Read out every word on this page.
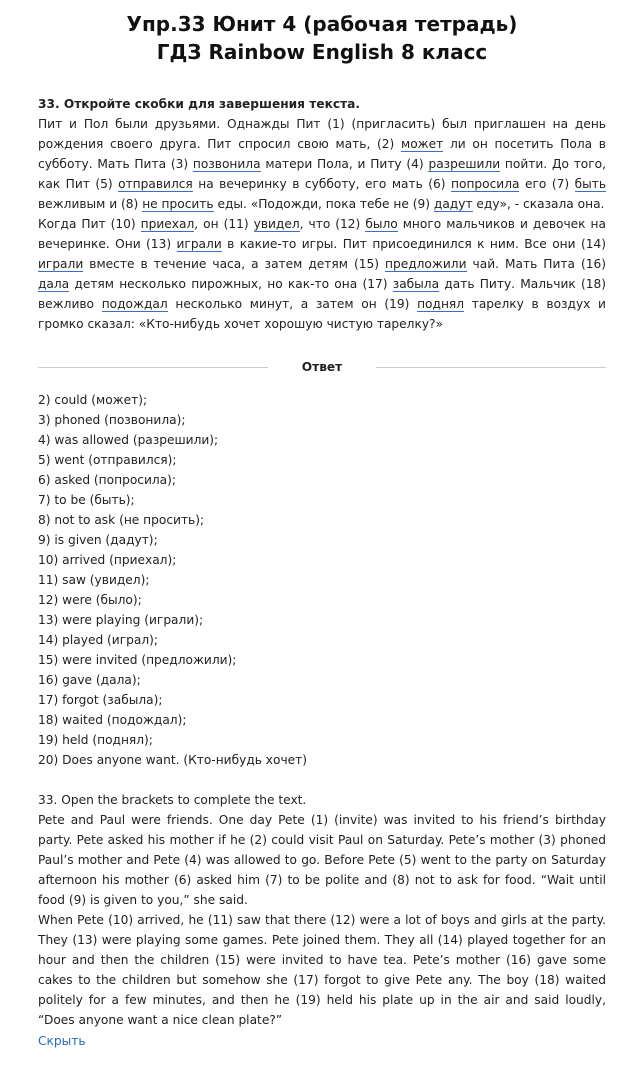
Упр.33 Юнит 4 (рабочая тетрадь)
ГДЗ Rainbow English 8 класс
33. Откройте скобки для завершения текста.

Пит и Пол были друзьями. Однажды Пит (1) (пригласить) был приглашен на день рождения своего друга. Пит спросил свою мать, (2) может ли он посетить Пола в субботу. Мать Пита (3) позвонила матери Пола, и Питу (4) разрешили пойти. До того, как Пит (5) отправился на вечеринку в субботу, его мать (6) попросила его (7) быть вежливым и (8) не просить еды. «Подожди, пока тебе не (9) дадут еду», - сказала она.

Когда Пит (10) приехал, он (11) увидел, что (12) было много мальчиков и девочек на вечеринке. Они (13) играли в какие-то игры. Пит присоединился к ним. Все они (14) играли вместе в течение часа, а затем детям (15) предложили чай. Мать Пита (16) дала детям несколько пирожных, но как-то она (17) забыла дать Питу. Мальчик (18) вежливо подождал несколько минут, а затем он (19) поднял тарелку в воздух и громко сказал: «Кто-нибудь хочет хорошую чистую тарелку?»

Ответ
2) could (может);
3) phoned (позвонила);
4) was allowed (разрешили);
5) went (отправился);
6) asked (попросила);
7) to be (быть);
8) not to ask (не просить);
9) is given (дадут);
10) arrived (приехал);
11) saw (увидел);
12) were (было);
13) were playing (играли);
14) played (играл);
15) were invited (предложили);
16) gave (дала);
17) forgot (забыла);
18) waited (подождал);
19) held (поднял);
20) Does anyone want. (Кто-нибудь хочет)

33. Open the brackets to complete the text.

Pete and Paul were friends. One day Pete (1) (invite) was invited to his friend’s birthday party. Pete asked his mother if he (2) could visit Paul on Saturday. Pete’s mother (3) phoned Paul’s mother and Pete (4) was allowed to go. Before Pete (5) went to the party on Saturday afternoon his mother (6) asked him (7) to be polite and (8) not to ask for food. “Wait until food (9) is given to you,” she said.

When Pete (10) arrived, he (11) saw that there (12) were a lot of boys and girls at the party. They (13) were playing some games. Pete joined them. They all (14) played together for an hour and then the children (15) were invited to have tea. Pete’s mother (16) gave some cakes to the children but somehow she (17) forgot to give Pete any. The boy (18) waited politely for a few minutes, and then he (19) held his plate up in the air and said loudly, “Does anyone want a nice clean plate?”

Скрыть
